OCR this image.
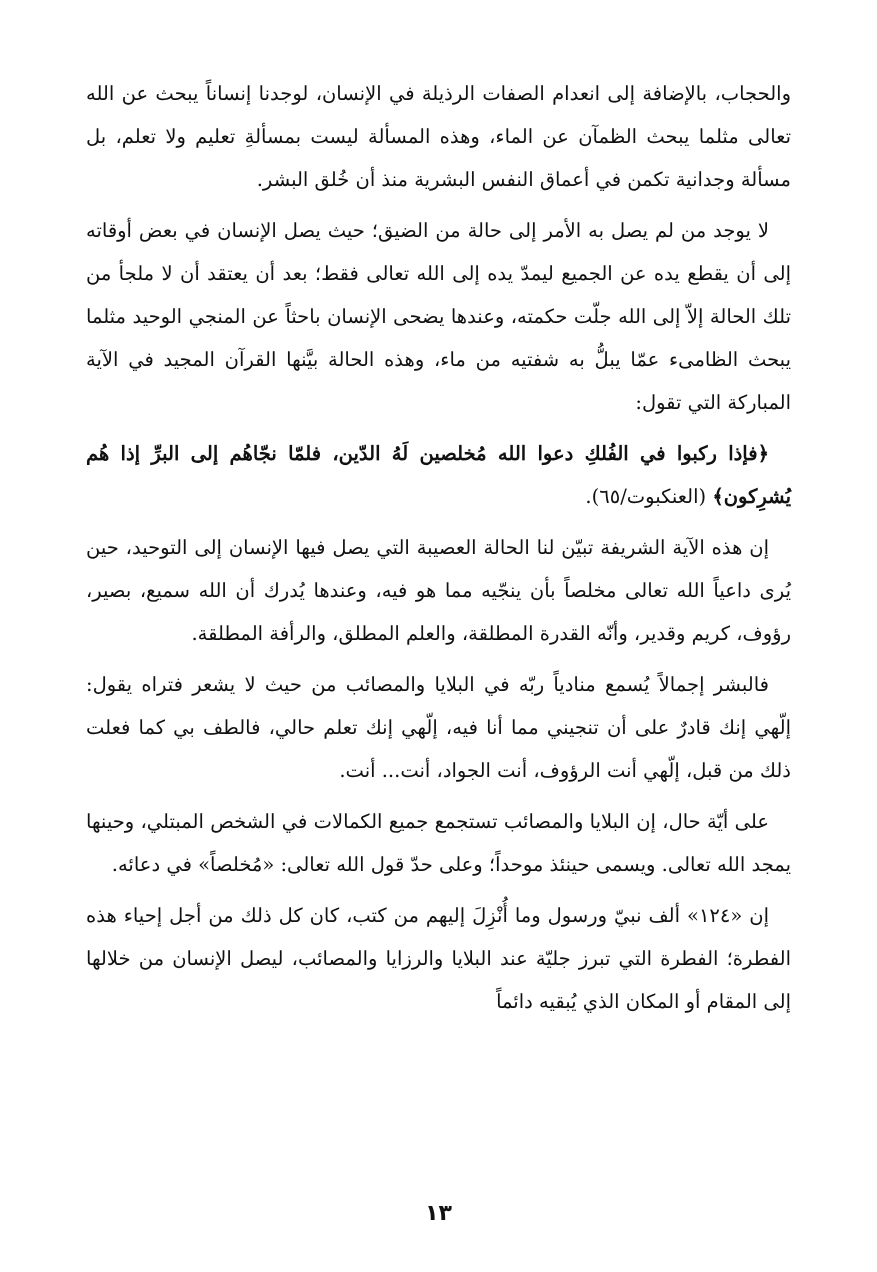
والحجاب، بالإضافة إلى انعدام الصفات الرذيلة في الإنسان، لوجدنا إنساناً يبحث عن الله تعالى مثلما يبحث الظمآن عن الماء، وهذه المسألة ليست بمسألةِ تعليم ولا تعلم، بل مسألة وجدانية تكمن في أعماق النفس البشرية منذ أن خُلق البشر.

لا يوجد من لم يصل به الأمر إلى حالة من الضيق؛ حيث يصل الإنسان في بعض أوقاته إلى أن يقطع يده عن الجميع ليمدّ يده إلى الله تعالى فقط؛ بعد أن يعتقد أن لا ملجأ من تلك الحالة إلاّ إلى الله جلّت حكمته، وعندها يضحى الإنسان باحثاً عن المنجي الوحيد مثلما يبحث الظامىء عمّا يبلُّ به شفتيه من ماء، وهذه الحالة بيَّنها القرآن المجيد في الآية المباركة التي تقول:

﴿فإذا ركبوا في الفُلكِ دعوا الله مُخلصين لَهُ الدّين، فلمّا نجّاهُم إلى البرِّ إذا هُم يُشرِكون﴾ (العنكبوت/٦٥).

إن هذه الآية الشريفة تبيّن لنا الحالة العصيبة التي يصل فيها الإنسان إلى التوحيد، حين يُرى داعياً الله تعالى مخلصاً بأن ينجّيه مما هو فيه، وعندها يُدرك أن الله سميع، بصير، رؤوف، كريم وقدير، وأنّه القدرة المطلقة، والعلم المطلق، والرأفة المطلقة.

فالبشر إجمالاً يُسمع منادياً ربّه في البلايا والمصائب من حيث لا يشعر فتراه يقول: إلّهي إنك قادرٌ على أن تنجيني مما أنا فيه، إلّهي إنك تعلم حالي، فالطف بي كما فعلت ذلك من قبل، إلّهي أنت الرؤوف، أنت الجواد، أنت... أنت.

على أيّة حال، إن البلايا والمصائب تستجمع جميع الكمالات في الشخص المبتلي، وحينها يمجد الله تعالى. ويسمى حينئذ موحداً؛ وعلى حدّ قول الله تعالى: «مُخلصاً» في دعائه.

إن «١٢٤» ألف نبيّ ورسول وما أُنْزِلَ إليهم من كتب، كان كل ذلك من أجل إحياء هذه الفطرة؛ الفطرة التي تبرز جليّة عند البلايا والرزايا والمصائب، ليصل الإنسان من خلالها إلى المقام أو المكان الذي يُبقيه دائماً

١٣
